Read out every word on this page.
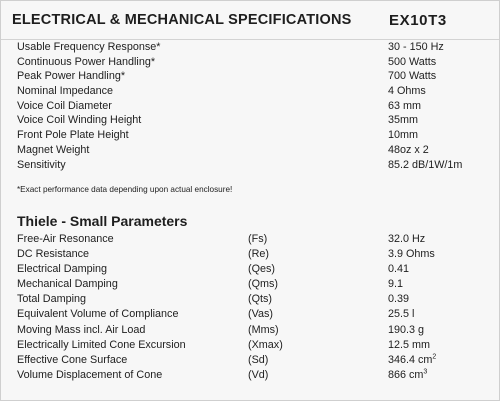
ELECTRICAL & MECHANICAL SPECIFICATIONS	EX10T3
Usable Frequency Response*	30 - 150 Hz
Continuous Power Handling*	500 Watts
Peak Power Handling*	700 Watts
Nominal Impedance	4 Ohms
Voice Coil Diameter	63 mm
Voice Coil Winding Height	35mm
Front Pole Plate Height	10mm
Magnet Weight	48oz x 2
Sensitivity	85.2 dB/1W/1m
*Exact performance data depending upon actual enclosure!
Thiele - Small Parameters
Free-Air Resonance	(Fs)	32.0 Hz
DC Resistance	(Re)	3.9 Ohms
Electrical Damping	(Qes)	0.41
Mechanical Damping	(Qms)	9.1
Total Damping	(Qts)	0.39
Equivalent Volume of Compliance	(Vas)	25.5 l
Moving Mass incl. Air Load	(Mms)	190.3 g
Electrically Limited Cone Excursion	(Xmax)	12.5 mm
Effective Cone Surface	(Sd)	346.4 $cm^2$
Volume Displacement of Cone	(Vd)	866 $cm^3$
